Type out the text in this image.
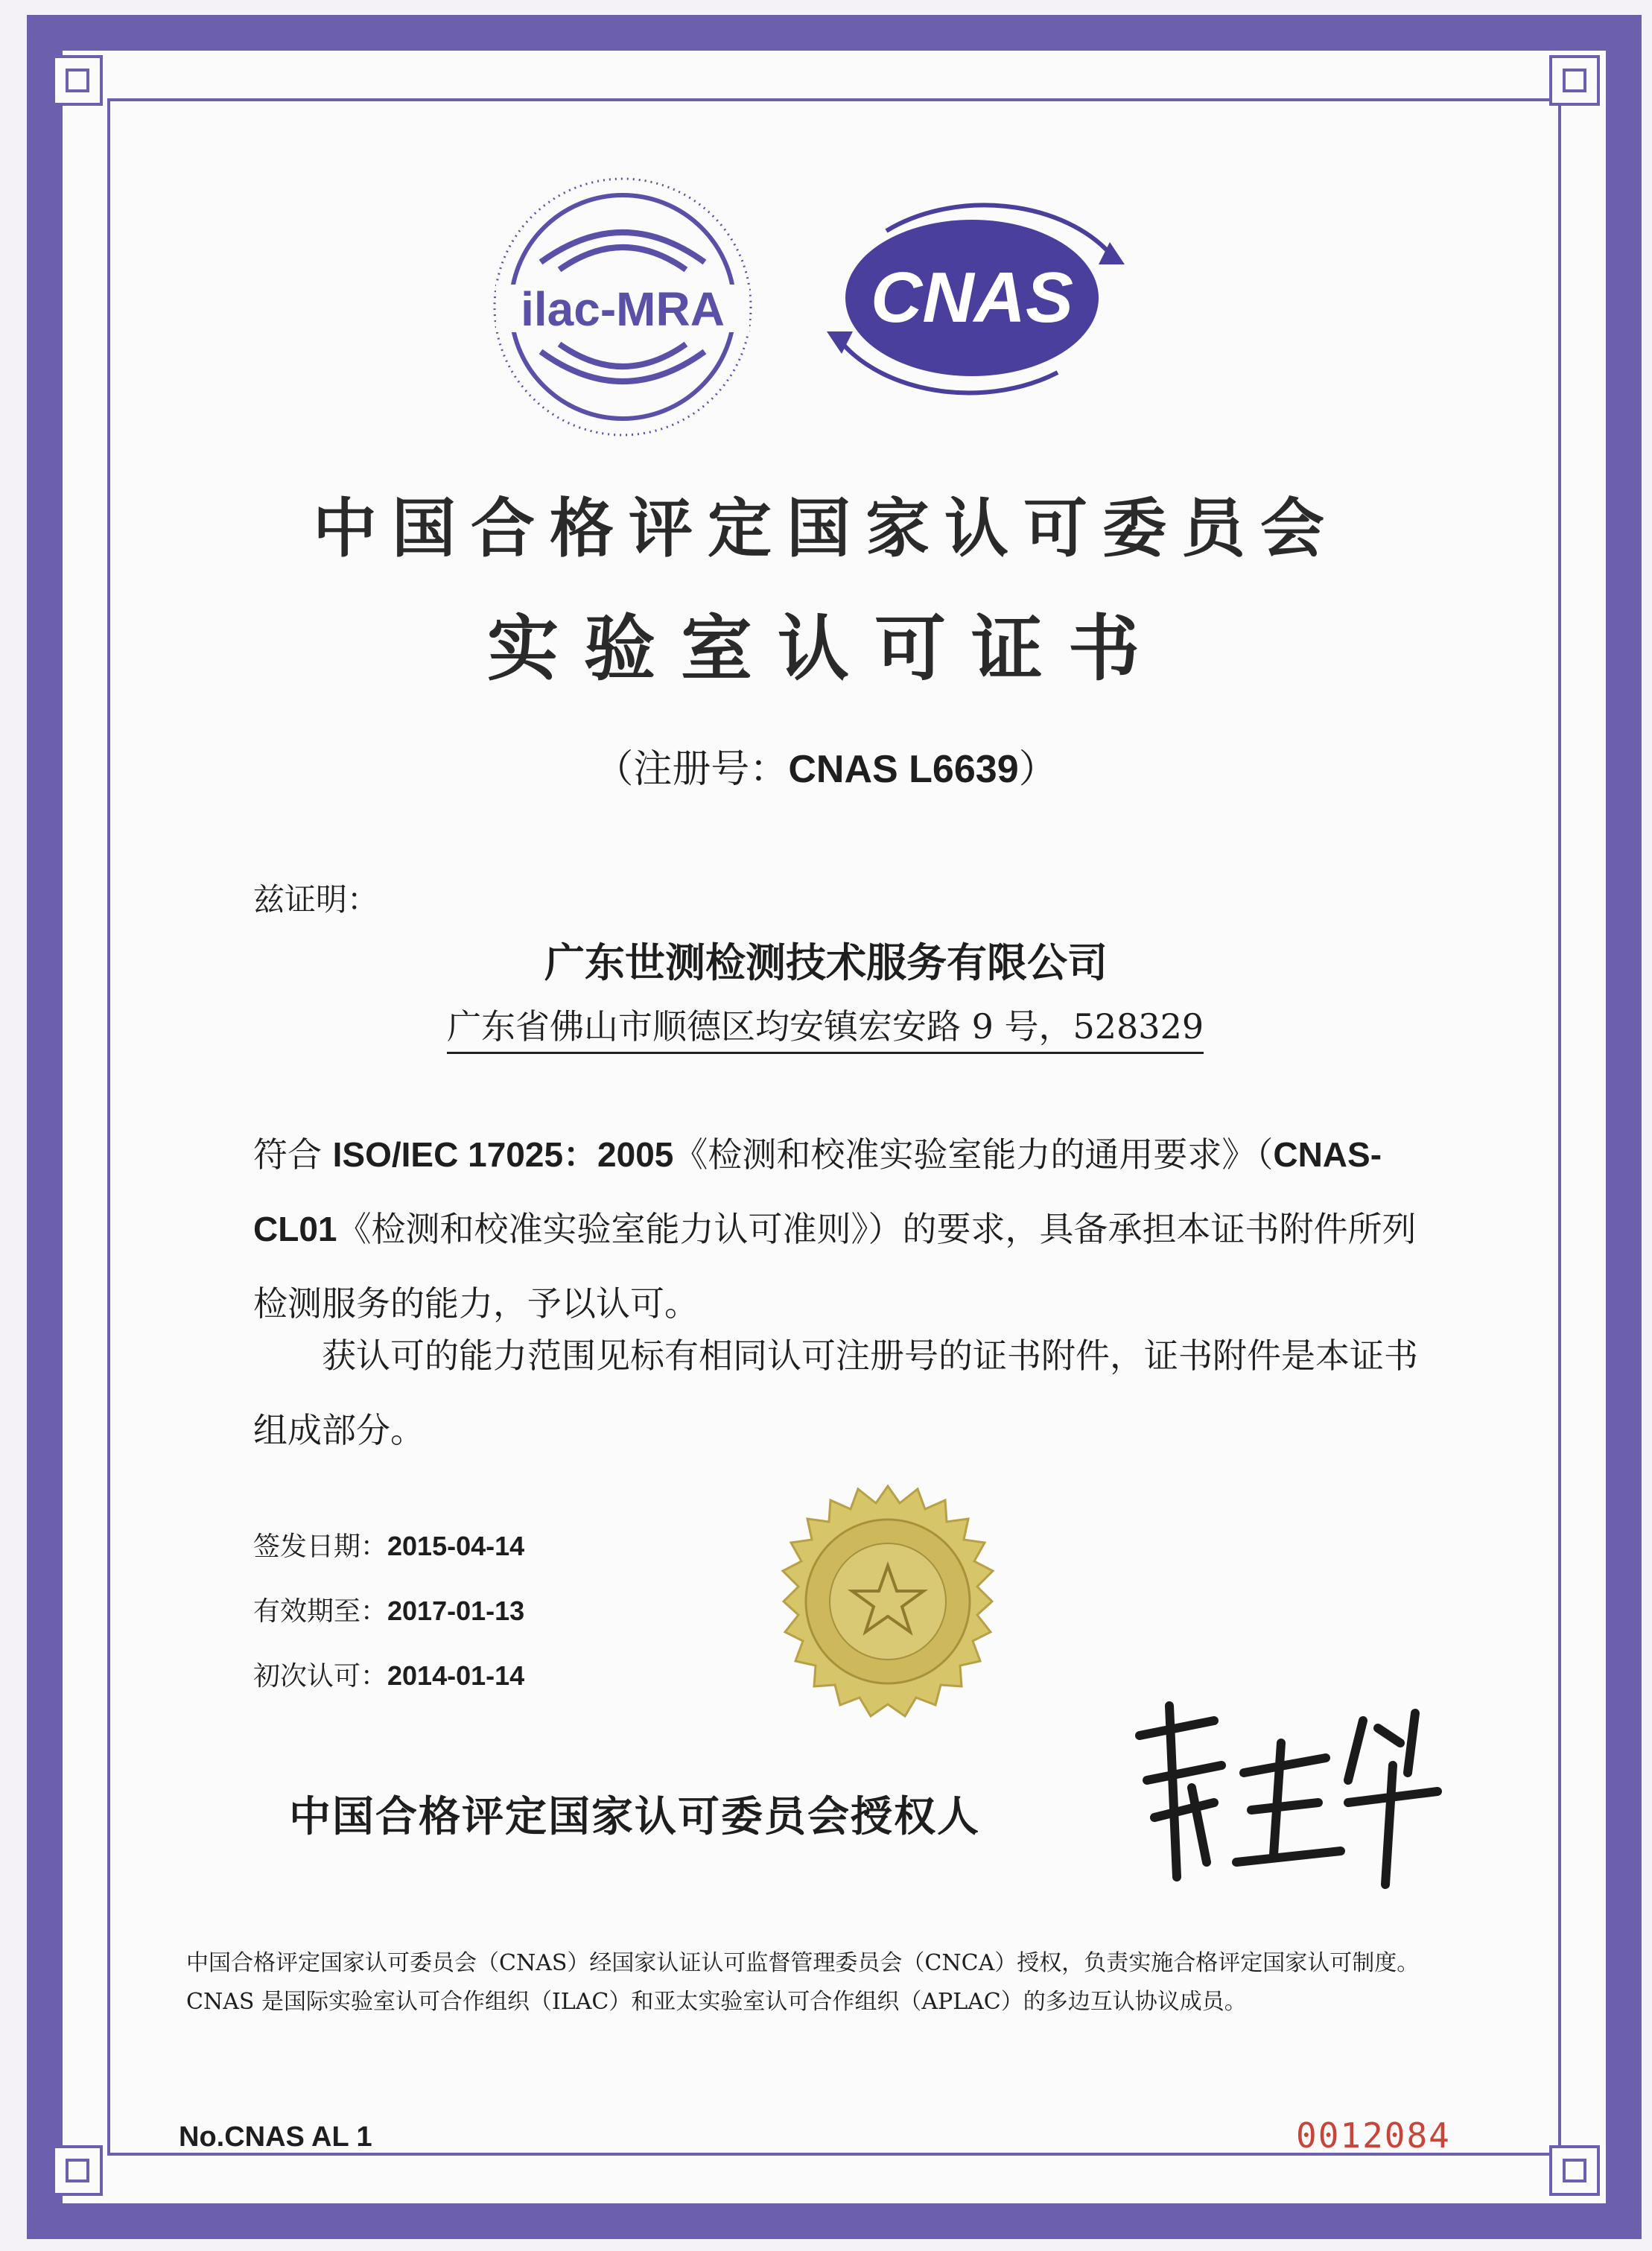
ilac-MRA CNAS
中国合格评定国家认可委员会
实验室认可证书
（注册号：CNAS L6639）
兹证明：
广东世测检测技术服务有限公司
广东省佛山市顺德区均安镇宏安路 9 号，528329
符合 ISO/IEC 17025：2005《检测和校准实验室能力的通用要求》（CNAS-CL01《检测和校准实验室能力认可准则》）的要求，具备承担本证书附件所列检测服务的能力，予以认可。
获认可的能力范围见标有相同认可注册号的证书附件，证书附件是本证书组成部分。
签发日期：2015-04-14
有效期至：2017-01-13
初次认可：2014-01-14
中国合格评定国家认可委员会授权人
中国合格评定国家认可委员会（CNAS）经国家认证认可监督管理委员会（CNCA）授权，负责实施合格评定国家认可制度。CNAS 是国际实验室认可合作组织（ILAC）和亚太实验室认可合作组织（APLAC）的多边互认协议成员。
No.CNAS AL 1	0012084
